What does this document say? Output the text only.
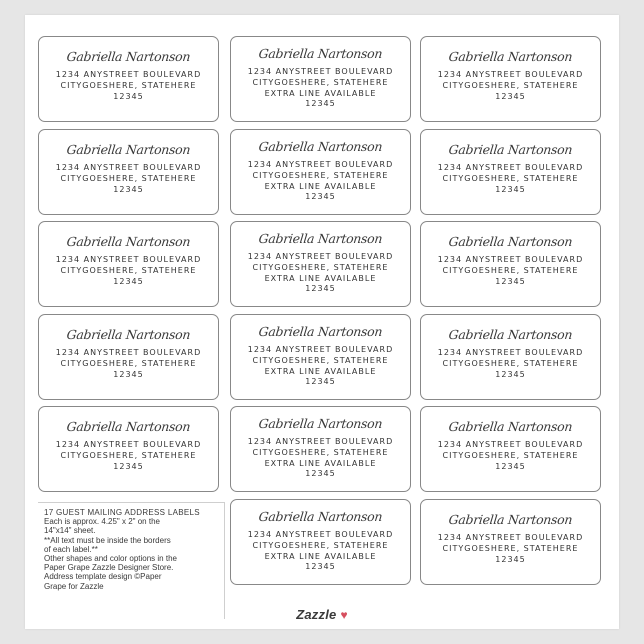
Gabriella Nartonson
1234 ANYSTREET BOULEVARD
CITYGOESHERE, STATEHERE
12345
Gabriella Nartonson
1234 ANYSTREET BOULEVARD
CITYGOESHERE, STATEHERE
EXTRA LINE AVAILABLE
12345
Gabriella Nartonson
1234 ANYSTREET BOULEVARD
CITYGOESHERE, STATEHERE
12345
Gabriella Nartonson
1234 ANYSTREET BOULEVARD
CITYGOESHERE, STATEHERE
12345
Gabriella Nartonson
1234 ANYSTREET BOULEVARD
CITYGOESHERE, STATEHERE
EXTRA LINE AVAILABLE
12345
Gabriella Nartonson
1234 ANYSTREET BOULEVARD
CITYGOESHERE, STATEHERE
12345
Gabriella Nartonson
1234 ANYSTREET BOULEVARD
CITYGOESHERE, STATEHERE
12345
Gabriella Nartonson
1234 ANYSTREET BOULEVARD
CITYGOESHERE, STATEHERE
EXTRA LINE AVAILABLE
12345
Gabriella Nartonson
1234 ANYSTREET BOULEVARD
CITYGOESHERE, STATEHERE
12345
Gabriella Nartonson
1234 ANYSTREET BOULEVARD
CITYGOESHERE, STATEHERE
12345
Gabriella Nartonson
1234 ANYSTREET BOULEVARD
CITYGOESHERE, STATEHERE
EXTRA LINE AVAILABLE
12345
Gabriella Nartonson
1234 ANYSTREET BOULEVARD
CITYGOESHERE, STATEHERE
12345
Gabriella Nartonson
1234 ANYSTREET BOULEVARD
CITYGOESHERE, STATEHERE
12345
Gabriella Nartonson
1234 ANYSTREET BOULEVARD
CITYGOESHERE, STATEHERE
EXTRA LINE AVAILABLE
12345
Gabriella Nartonson
1234 ANYSTREET BOULEVARD
CITYGOESHERE, STATEHERE
12345
Gabriella Nartonson
1234 ANYSTREET BOULEVARD
CITYGOESHERE, STATEHERE
EXTRA LINE AVAILABLE
12345
Gabriella Nartonson
1234 ANYSTREET BOULEVARD
CITYGOESHERE, STATEHERE
12345
17 GUEST MAILING ADDRESS LABELS
Each is approx. 4.25" x 2" on the
14"x14" sheet.
**All text must be inside the borders
of each label.**
Other shapes and color options in the
Paper Grape Zazzle Designer Store.
Address template design ©Paper
Grape for Zazzle
Zazzle ♥
